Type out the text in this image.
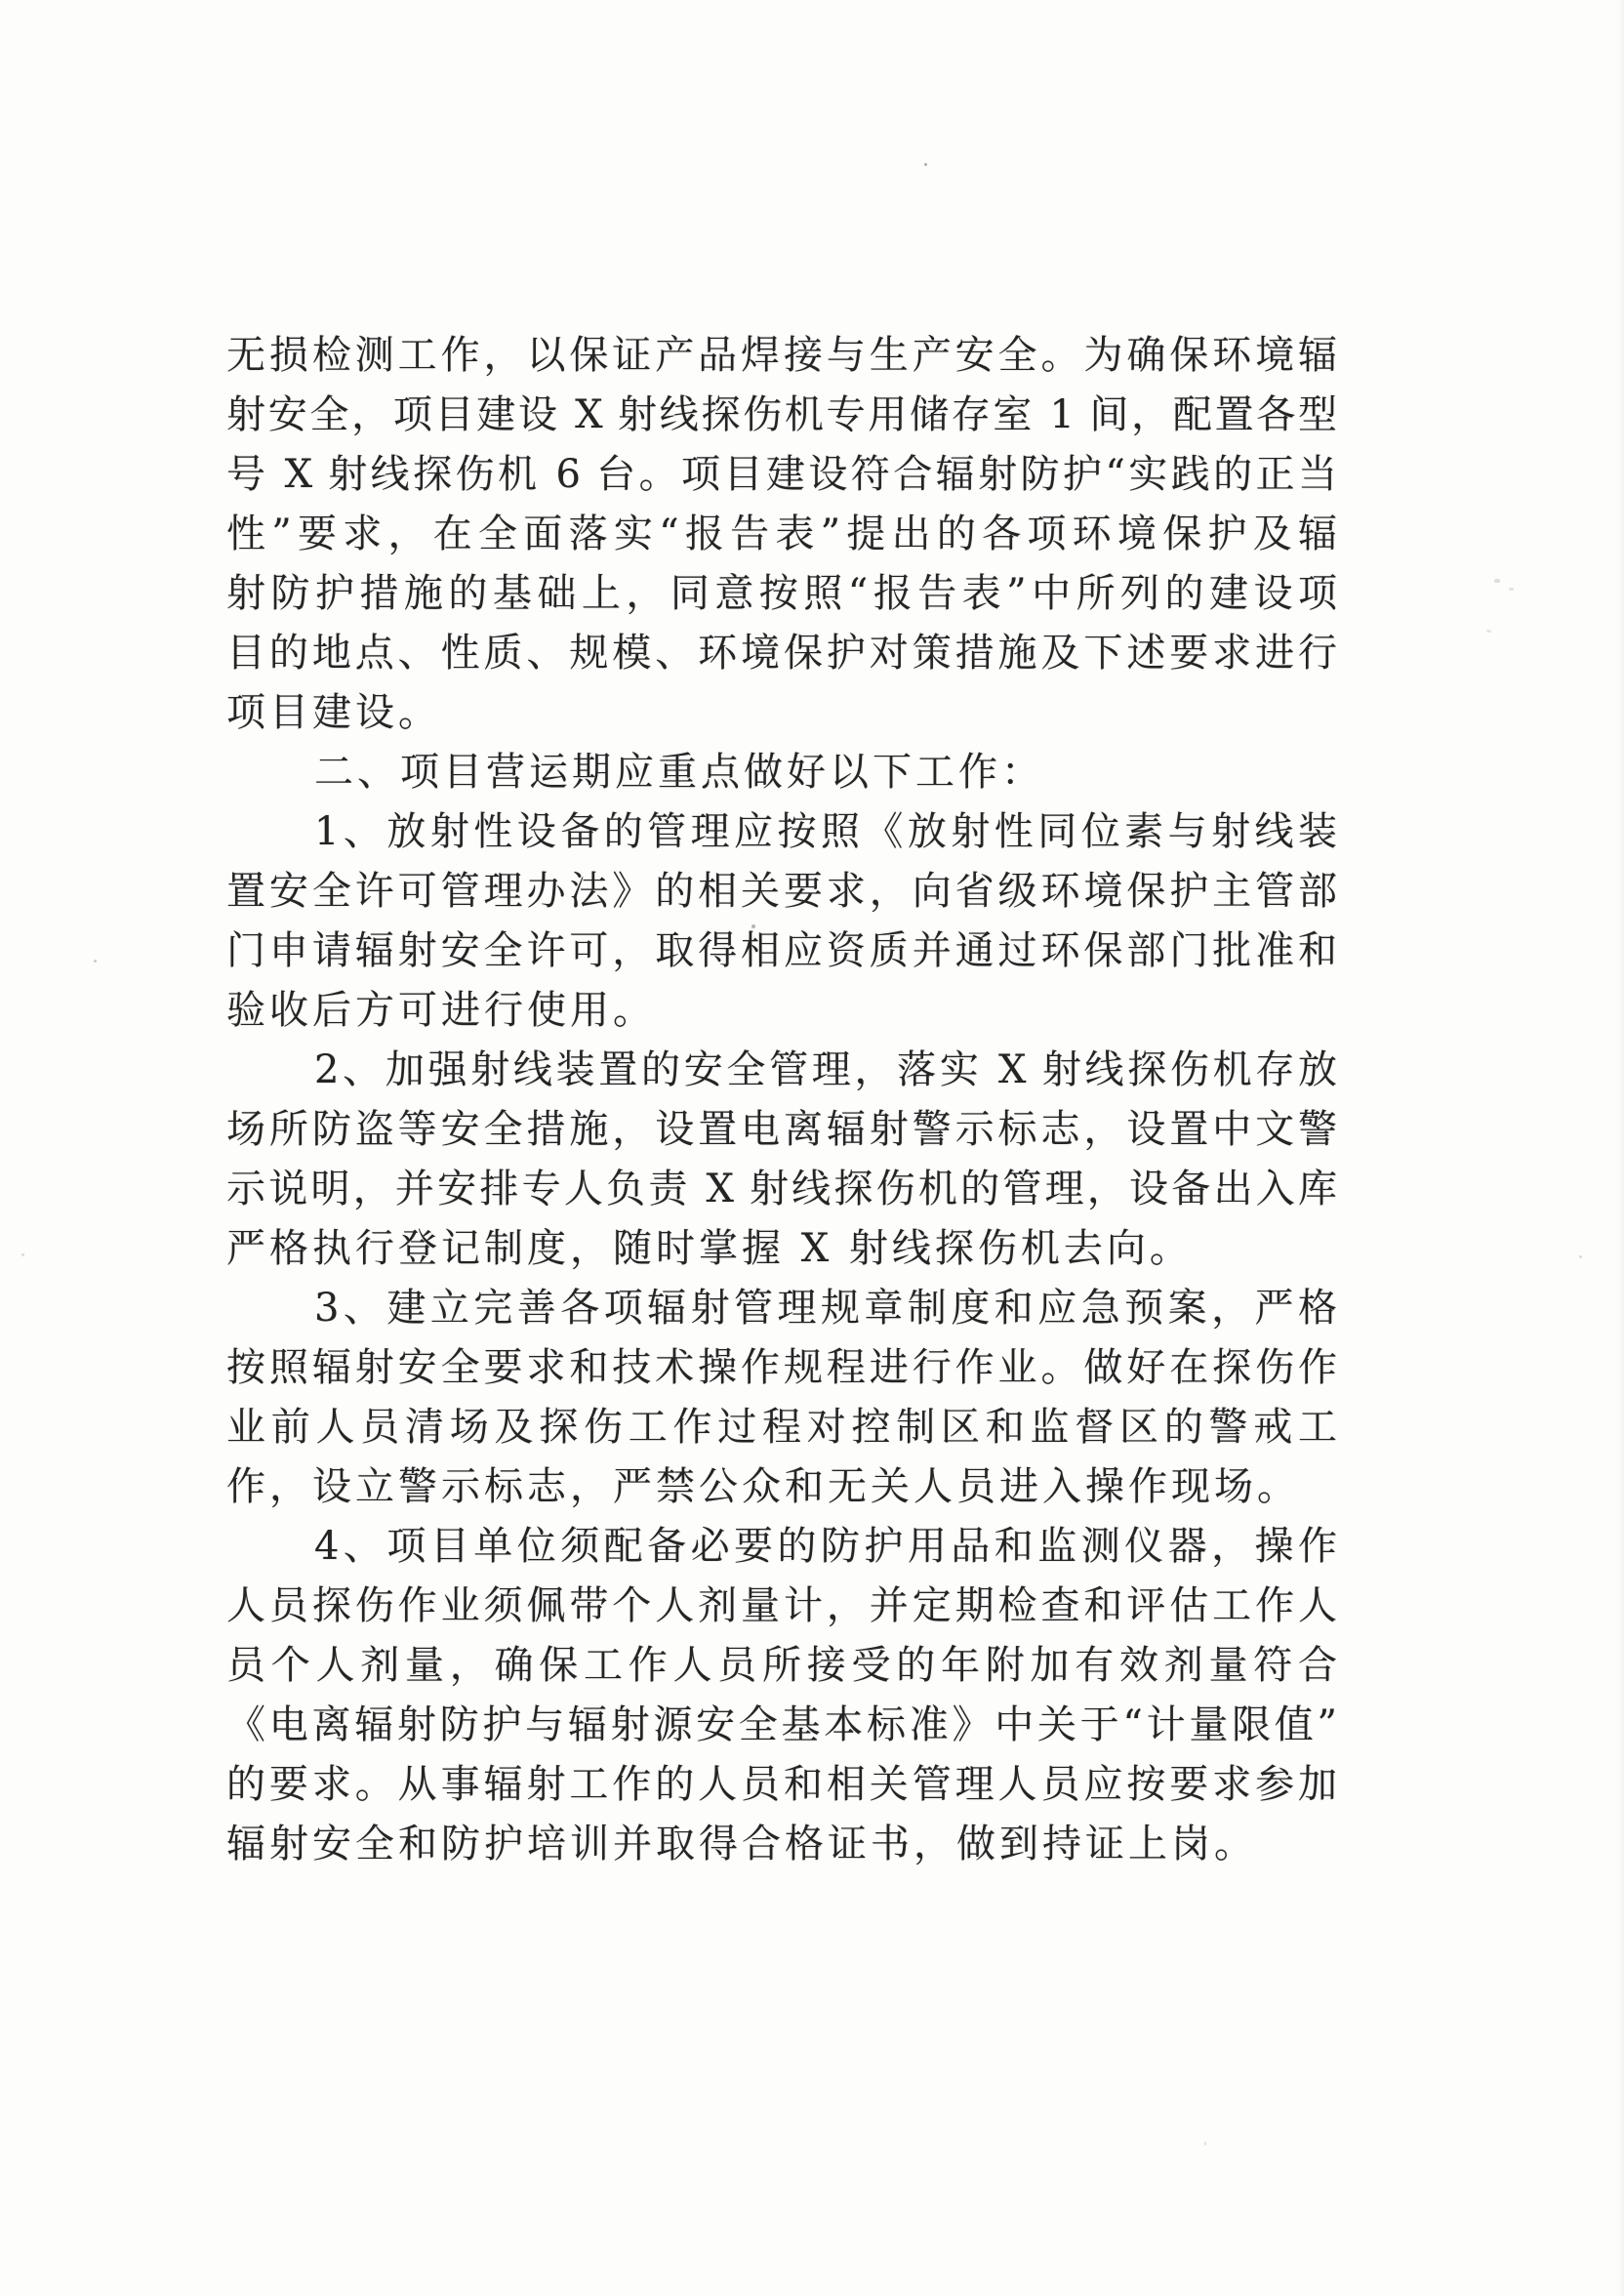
无损检测工作，以保证产品焊接与生产安全。为确保环境辐
射安全，项目建设 X 射线探伤机专用储存室 1 间，配置各型
号 X 射线探伤机 6 台。项目建设符合辐射防护“实践的正当
性”要求，在全面落实“报告表”提出的各项环境保护及辐
射防护措施的基础上，同意按照“报告表”中所列的建设项
目的地点、性质、规模、环境保护对策措施及下述要求进行
项目建设。
二、项目营运期应重点做好以下工作：
1、放射性设备的管理应按照《放射性同位素与射线装
置安全许可管理办法》的相关要求，向省级环境保护主管部
门申请辐射安全许可，取得相应资质并通过环保部门批准和
验收后方可进行使用。
2、加强射线装置的安全管理，落实 X 射线探伤机存放
场所防盗等安全措施，设置电离辐射警示标志，设置中文警
示说明，并安排专人负责 X 射线探伤机的管理，设备出入库
严格执行登记制度，随时掌握 X 射线探伤机去向。
3、建立完善各项辐射管理规章制度和应急预案，严格
按照辐射安全要求和技术操作规程进行作业。做好在探伤作
业前人员清场及探伤工作过程对控制区和监督区的警戒工
作，设立警示标志，严禁公众和无关人员进入操作现场。
4、项目单位须配备必要的防护用品和监测仪器，操作
人员探伤作业须佩带个人剂量计，并定期检查和评估工作人
员个人剂量，确保工作人员所接受的年附加有效剂量符合
《电离辐射防护与辐射源安全基本标准》中关于“计量限值”
的要求。从事辐射工作的人员和相关管理人员应按要求参加
辐射安全和防护培训并取得合格证书，做到持证上岗。
